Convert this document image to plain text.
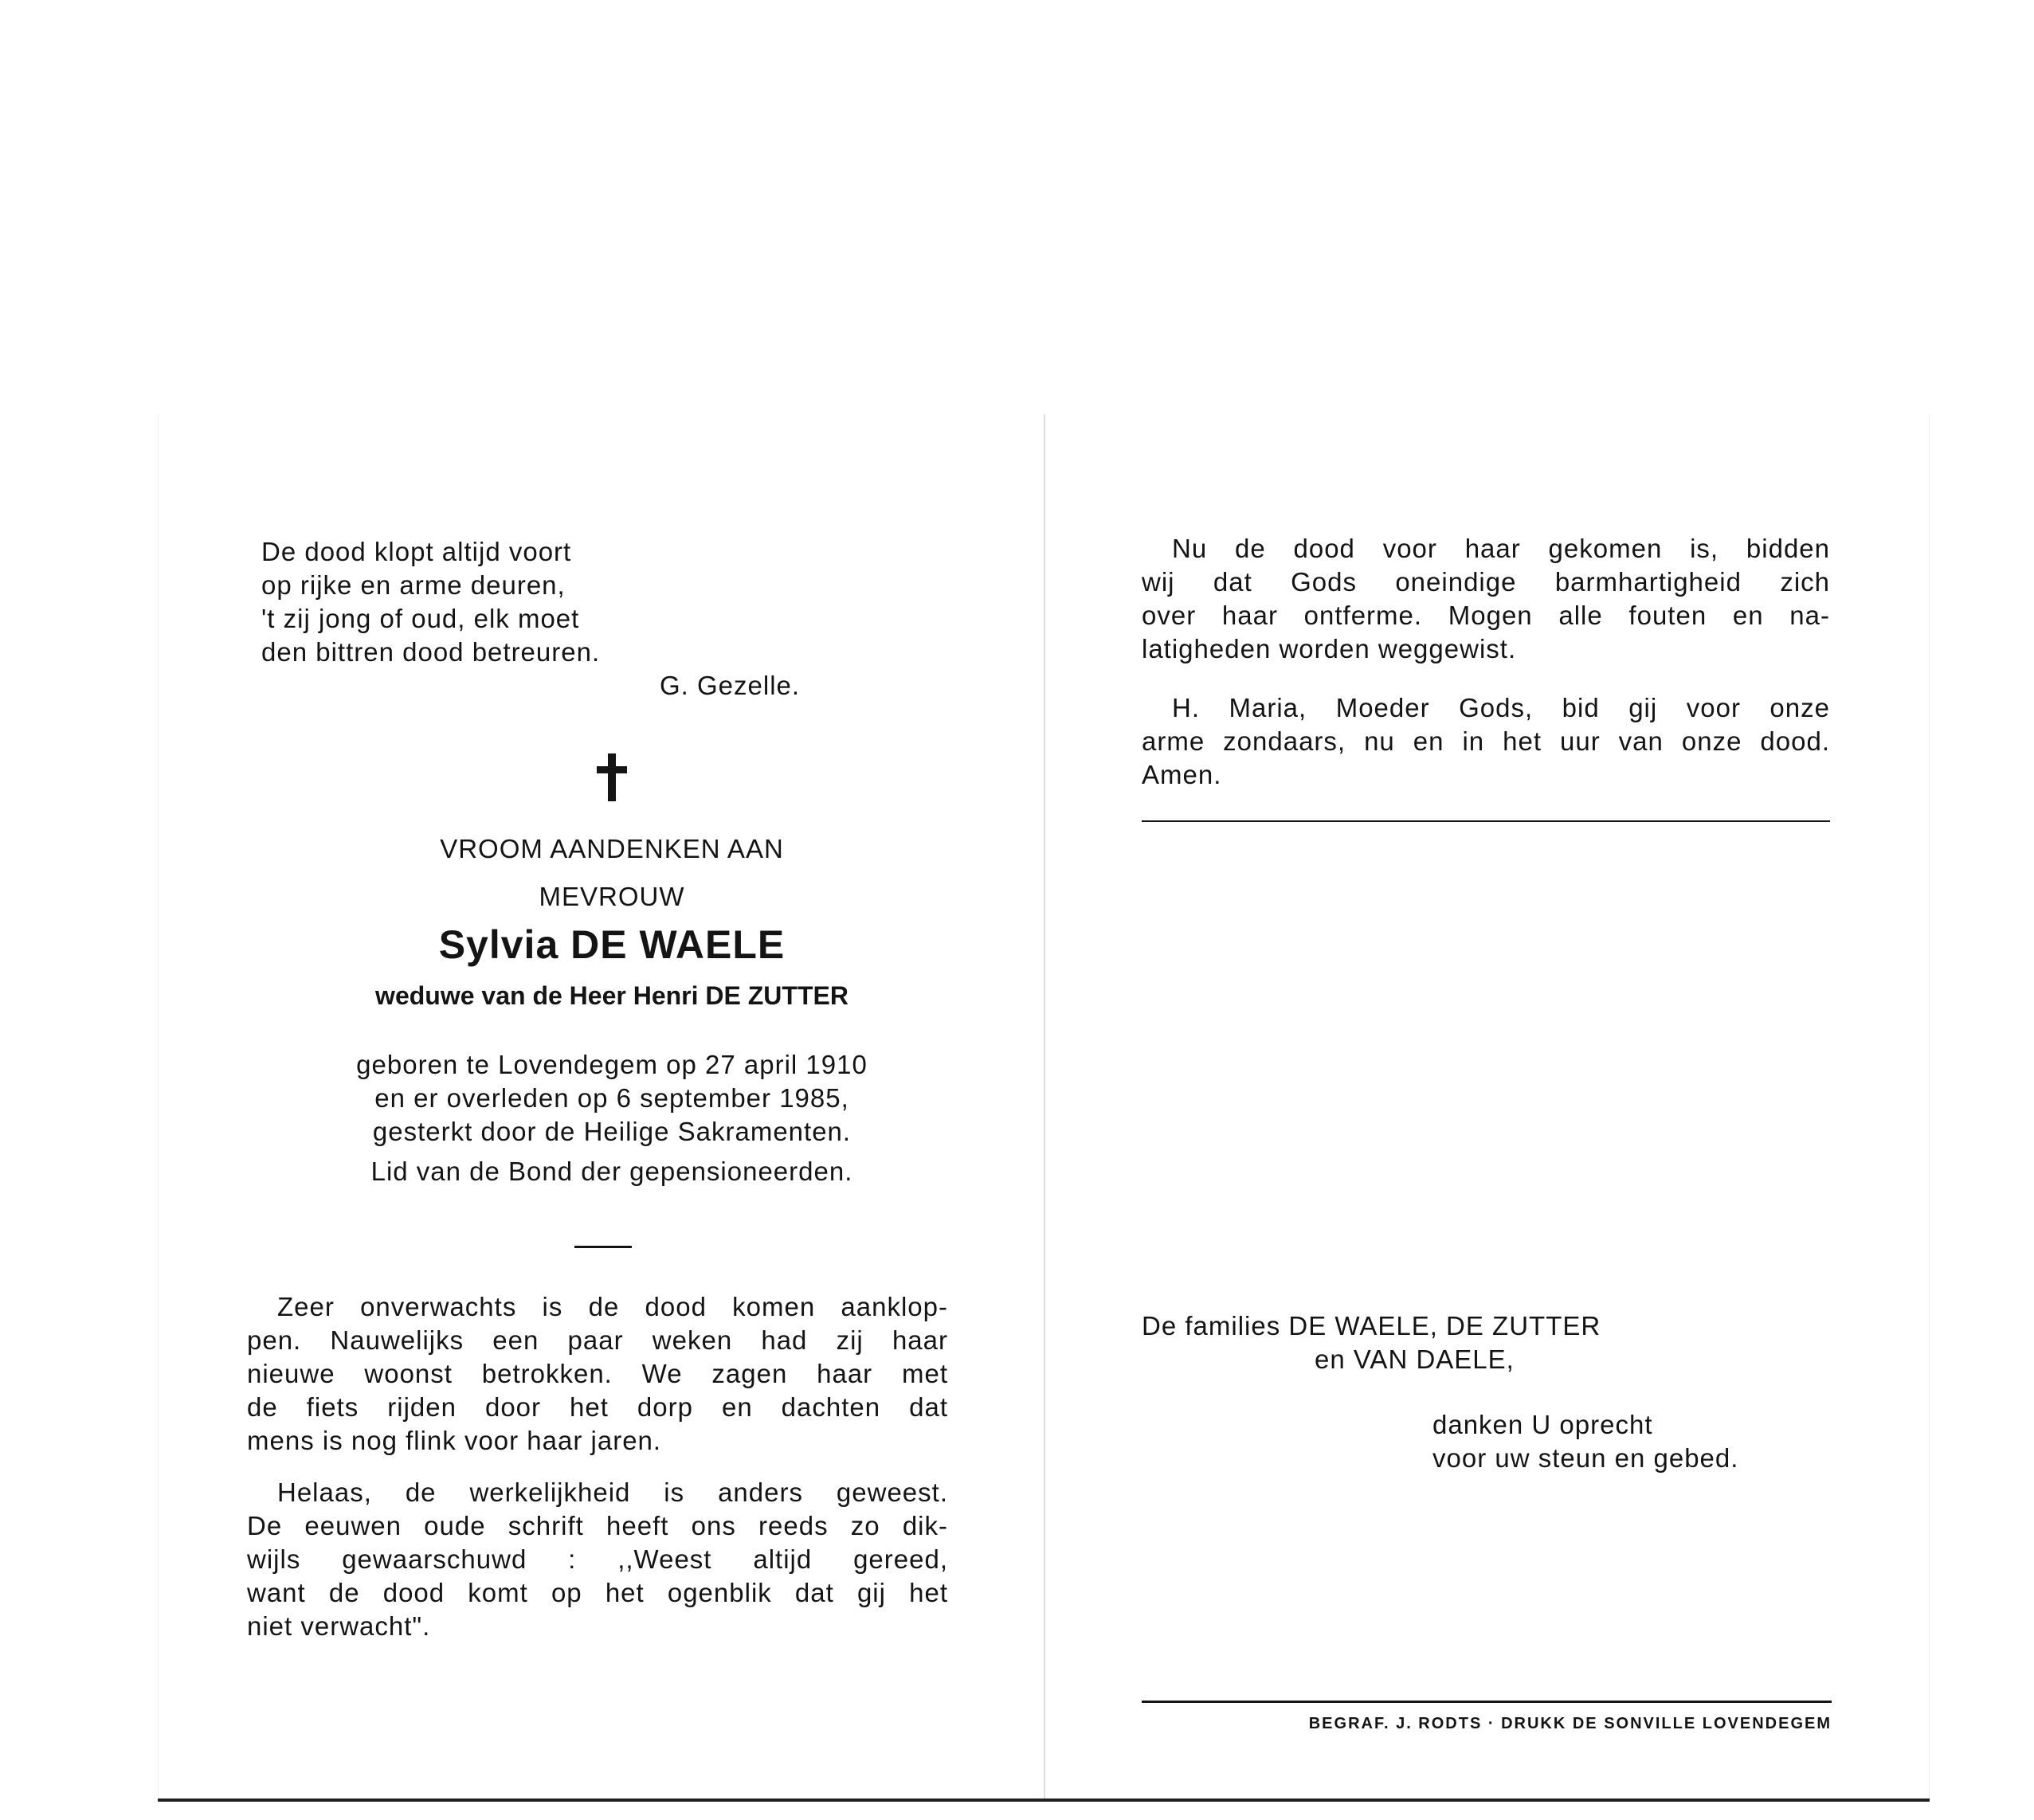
De dood klopt altijd voort

op rijke en arme deuren,

't zij jong of oud, elk moet

den bittren dood betreuren.

G. Gezelle.
VROOM AANDENKEN AAN
MEVROUW
Sylvia DE WAELE
weduwe van de Heer Henri DE ZUTTER

geboren te Lovendegem op 27 april 1910

en er overleden op 6 september 1985,

gesterkt door de Heilige Sakramenten.

Lid van de Bond der gepensioneerden.

Zeer onverwachts is de dood komen aanklop-

pen. Nauwelijks een paar weken had zij haar

nieuwe woonst betrokken. We zagen haar met

de fiets rijden door het dorp en dachten dat

mens is nog flink voor haar jaren.

Helaas, de werkelijkheid is anders geweest.

De eeuwen oude schrift heeft ons reeds zo dik-

wijls gewaarschuwd : ,,Weest altijd gereed,

want de dood komt op het ogenblik dat gij het

niet verwacht".

Nu de dood voor haar gekomen is, bidden

wij dat Gods oneindige barmhartigheid zich

over haar ontferme. Mogen alle fouten en na-

latigheden worden weggewist.

H. Maria, Moeder Gods, bid gij voor onze

arme zondaars, nu en in het uur van onze dood.

Amen.

De families DE WAELE, DE ZUTTER
en VAN DAELE,

danken U oprecht

voor uw steun en gebed.

BEGRAF. J. RODTS · DRUKK DE SONVILLE LOVENDEGEM
